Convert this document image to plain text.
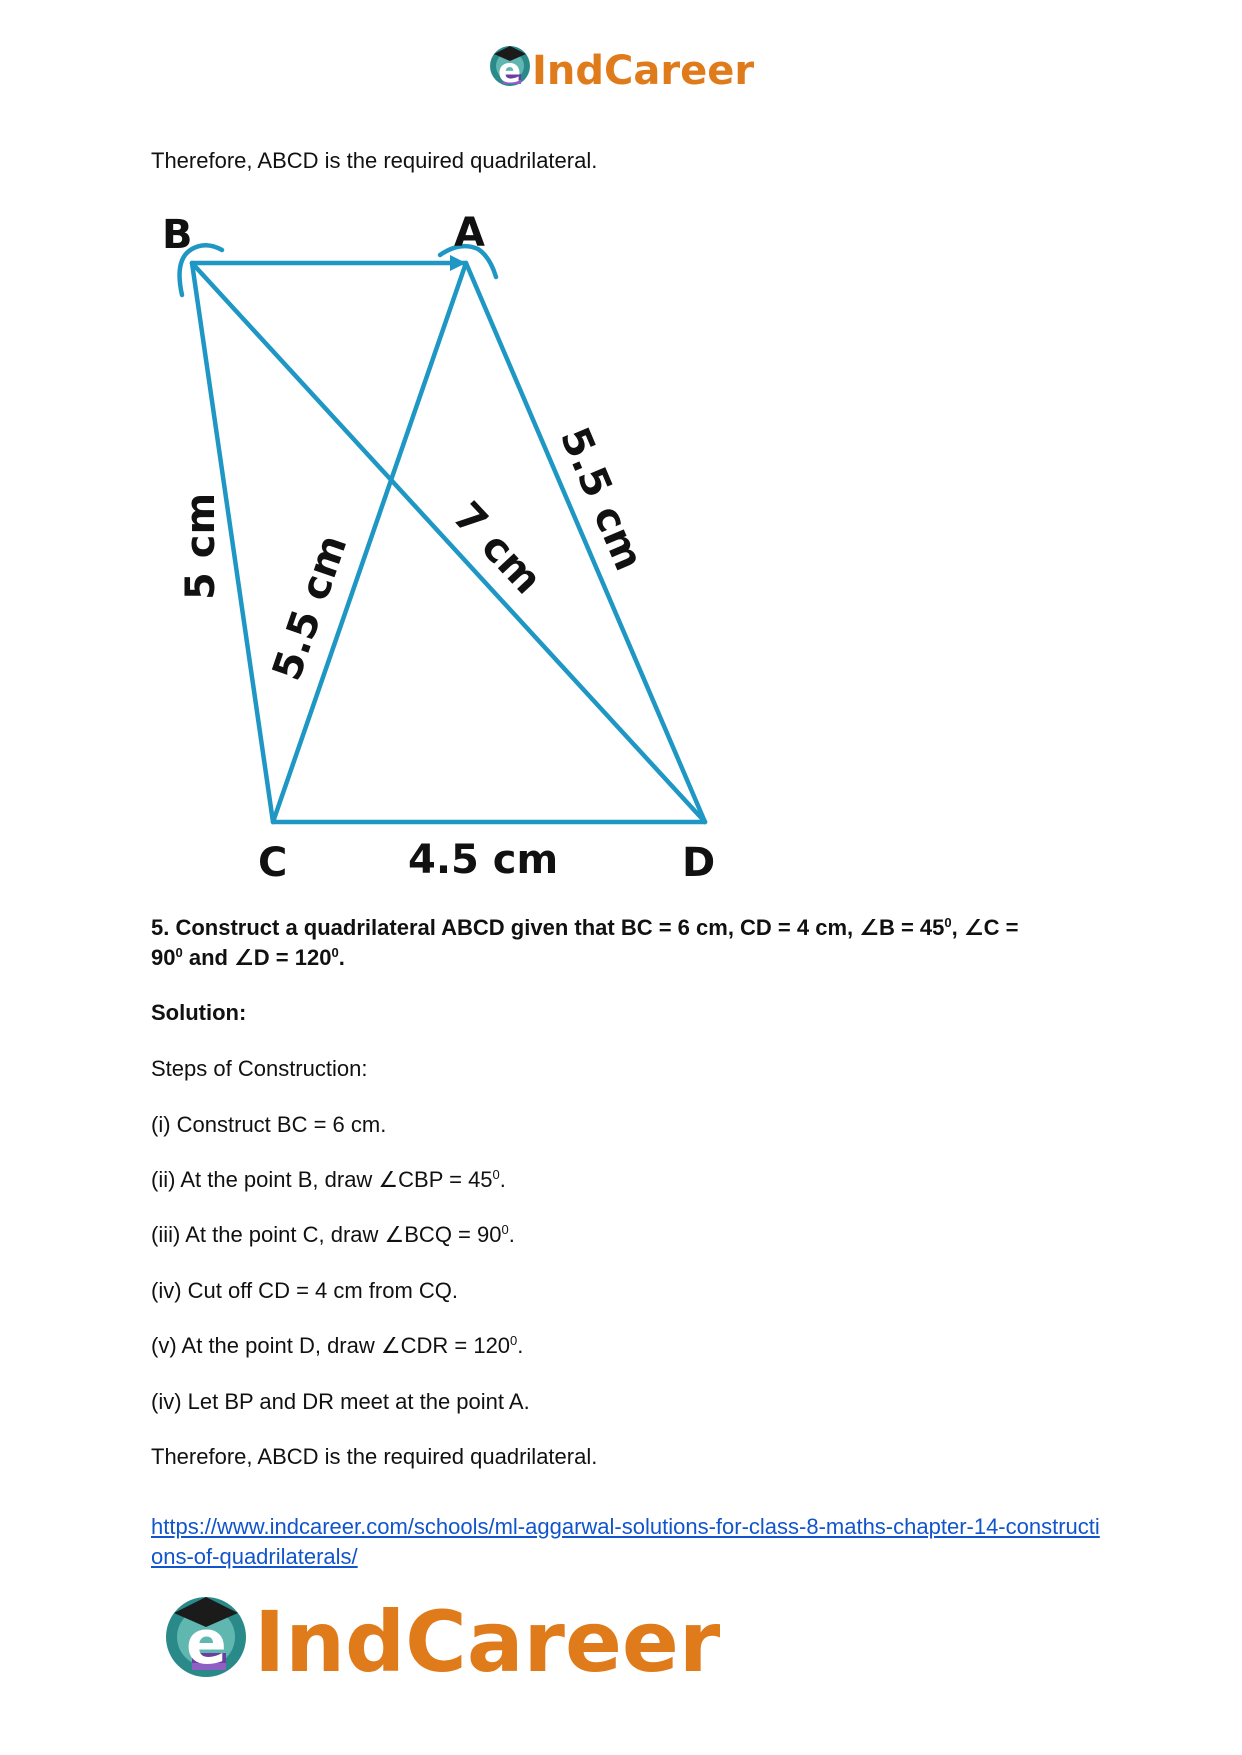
e IndCareer

Therefore, ABCD is the required quadrilateral.

B	A
C	D
4.5 cm
5 cm 5.5 cm 7 cm 5.5 cm

5. Construct a quadrilateral ABCD given that BC = 6 cm, CD = 4 cm, ∠B = $45^0$, ∠C =

$90^0$ and ∠D = $120^0$.

Solution:

Steps of Construction:

(i) Construct BC = 6 cm.

(ii) At the point B, draw ∠CBP = $45^0$.

(iii) At the point C, draw ∠BCQ = $90^0$.

(iv) Cut off CD = 4 cm from CQ.

(v) At the point D, draw ∠CDR = $120^0$.

(iv) Let BP and DR meet at the point A.

Therefore, ABCD is the required quadrilateral.

https://www.indcareer.com/schools/ml-aggarwal-solutions-for-class-8-maths-chapter-14-constructions-of-quadrilaterals/
e IndCareer
